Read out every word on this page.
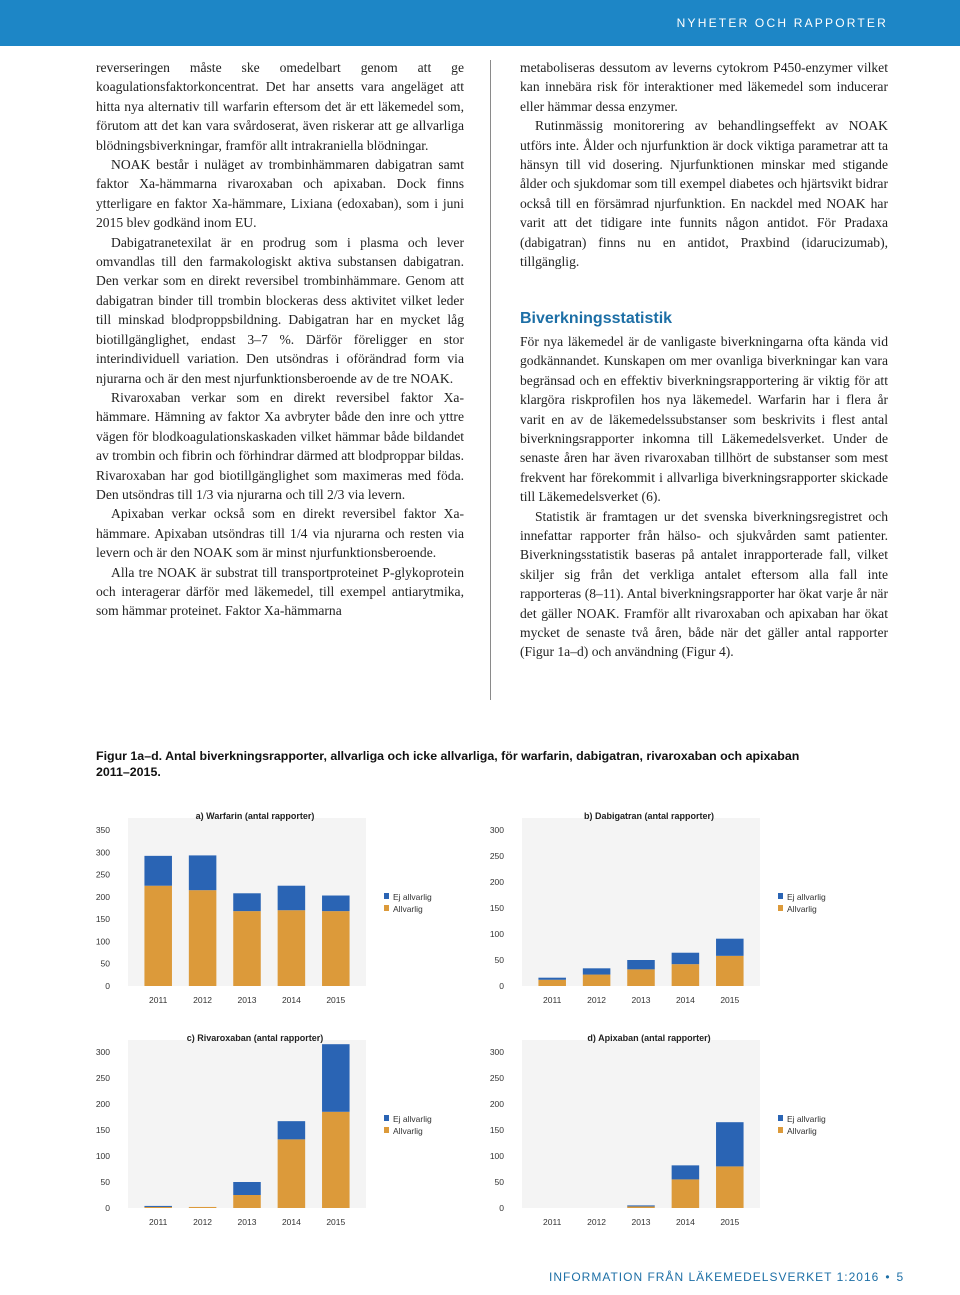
NYHETER OCH RAPPORTER

reverseringen måste ske omedelbart genom att ge koagulationsfaktorkoncentrat. Det har ansetts vara angeläget att hitta nya alternativ till warfarin eftersom det är ett läkemedel som, förutom att det kan vara svårdoserat, även riskerar att ge allvarliga blödningsbiverkningar, framför allt intrakraniella blödningar.

NOAK består i nuläget av trombinhämmaren dabigatran samt faktor Xa-hämmarna rivaroxaban och apixaban. Dock finns ytterligare en faktor Xa-hämmare, Lixiana (edoxaban), som i juni 2015 blev godkänd inom EU.

Dabigatranetexilat är en prodrug som i plasma och lever omvandlas till den farmakologiskt aktiva substansen dabigatran. Den verkar som en direkt reversibel trombinhämmare. Genom att dabigatran binder till trombin blockeras dess aktivitet vilket leder till minskad blodproppsbildning. Dabigatran har en mycket låg biotillgänglighet, endast 3–7 %. Därför föreligger en stor interindividuell variation. Den utsöndras i oförändrad form via njurarna och är den mest njurfunktionsberoende av de tre NOAK.

Rivaroxaban verkar som en direkt reversibel faktor Xa-hämmare. Hämning av faktor Xa avbryter både den inre och yttre vägen för blodkoagulationskaskaden vilket hämmar både bildandet av trombin och fibrin och förhindrar därmed att blodproppar bildas. Rivaroxaban har god biotillgänglighet som maximeras med föda. Den utsöndras till 1/3 via njurarna och till 2/3 via levern.

Apixaban verkar också som en direkt reversibel faktor Xa-hämmare. Apixaban utsöndras till 1/4 via njurarna och resten via levern och är den NOAK som är minst njurfunktionsberoende.

Alla tre NOAK är substrat till transportproteinet P-glykoprotein och interagerar därför med läkemedel, till exempel antiarytmika, som hämmar proteinet. Faktor Xa-hämmarna

metaboliseras dessutom av leverns cytokrom P450-enzymer vilket kan innebära risk för interaktioner med läkemedel som inducerar eller hämmar dessa enzymer.

Rutinmässig monitorering av behandlingseffekt av NOAK utförs inte. Ålder och njurfunktion är dock viktiga parametrar att ta hänsyn till vid dosering. Njurfunktionen minskar med stigande ålder och sjukdomar som till exempel diabetes och hjärtsvikt bidrar också till en försämrad njurfunktion. En nackdel med NOAK har varit att det tidigare inte funnits någon antidot. För Pradaxa (dabigatran) finns nu en antidot, Praxbind (idarucizumab), tillgänglig.

Biverkningsstatistik

För nya läkemedel är de vanligaste biverkningarna ofta kända vid godkännandet. Kunskapen om mer ovanliga biverkningar kan vara begränsad och en effektiv biverkningsrapportering är viktig för att klargöra riskprofilen hos nya läkemedel. Warfarin har i flera år varit en av de läkemedelssubstanser som beskrivits i flest antal biverkningsrapporter inkomna till Läkemedelsverket. Under de senaste åren har även rivaroxaban tillhört de substanser som mest frekvent har förekommit i allvarliga biverkningsrapporter skickade till Läkemedelsverket (6).

Statistik är framtagen ur det svenska biverkningsregistret och innefattar rapporter från hälso- och sjukvården samt patienter. Biverkningsstatistik baseras på antalet inrapporterade fall, vilket skiljer sig från det verkliga antalet eftersom alla fall inte rapporteras (8–11). Antal biverkningsrapporter har ökat varje år när det gäller NOAK. Framför allt rivaroxaban och apixaban har ökat mycket de senaste två åren, både när det gäller antal rapporter (Figur 1a–d) och användning (Figur 4).

Figur 1a–d. Antal biverkningsrapporter, allvarliga och icke allvarliga, för warfarin, dabigatran, rivaroxaban och apixaban 2011–2015.
a) Warfarin (antal rapporter)
0
50
100
150
200
250
300
350
2011	2012	2013	2014	2015
Ej allvarlig
Allvarlig
b) Dabigatran (antal rapporter)
0
50
100
150
200
250
300
2011	2012	2013	2014	2015
Ej allvarlig
Allvarlig
c) Rivaroxaban (antal rapporter)
0
50
100
150
200
250
300
2011	2012	2013	2014	2015
Ej allvarlig
Allvarlig
d) Apixaban (antal rapporter)
0
50
100
150
200
250
300
2011	2012	2013	2014	2015
Ej allvarlig
Allvarlig
INFORMATION FRÅN LÄKEMEDELSVERKET 1:2016 • 5
